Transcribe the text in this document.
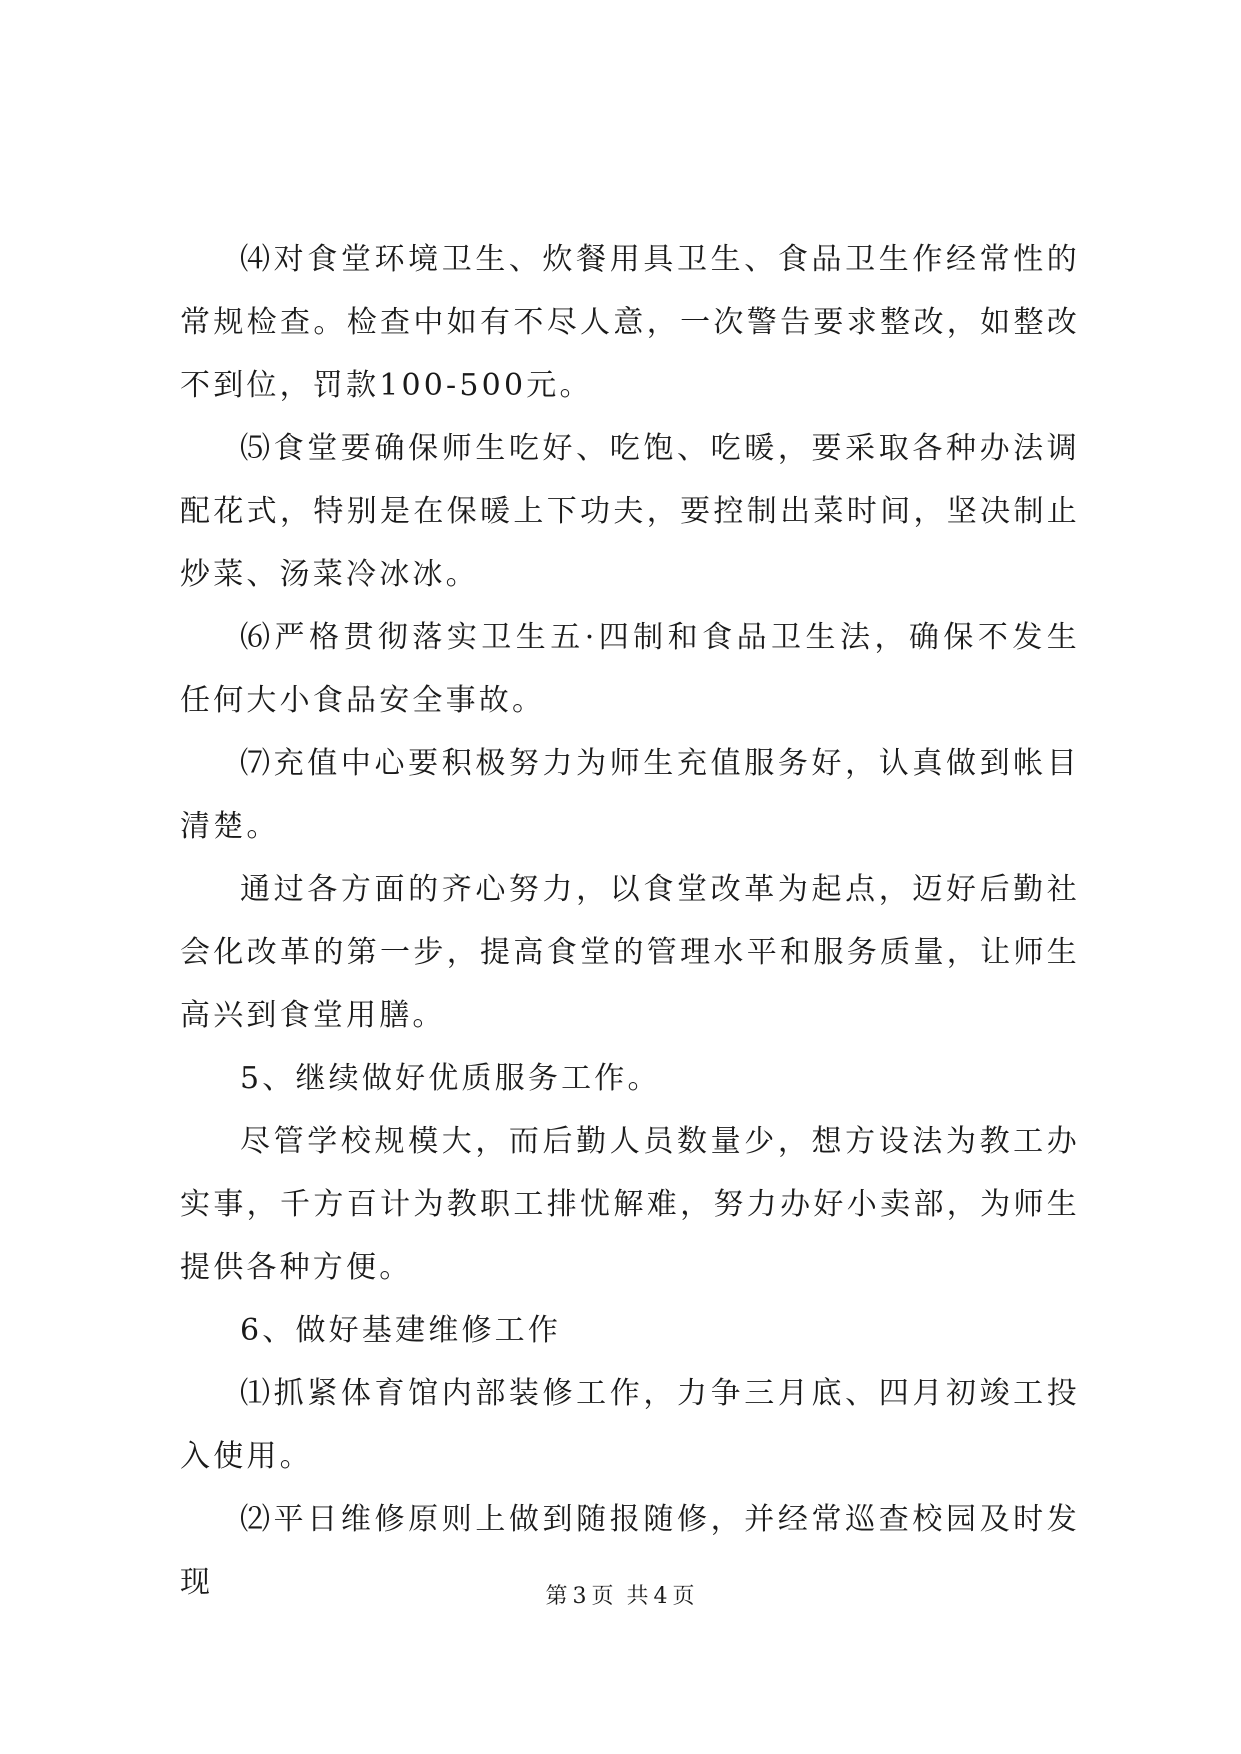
⑷对食堂环境卫生、炊餐用具卫生、食品卫生作经常性的常规检查。检查中如有不尽人意，一次警告要求整改，如整改不到位，罚款100-500元。

⑸食堂要确保师生吃好、吃饱、吃暖，要采取各种办法调配花式，特别是在保暖上下功夫，要控制出菜时间，坚决制止炒菜、汤菜冷冰冰。

⑹严格贯彻落实卫生五·四制和食品卫生法，确保不发生任何大小食品安全事故。

⑺充值中心要积极努力为师生充值服务好，认真做到帐目清楚。

通过各方面的齐心努力，以食堂改革为起点，迈好后勤社会化改革的第一步，提高食堂的管理水平和服务质量，让师生高兴到食堂用膳。

5、继续做好优质服务工作。

尽管学校规模大，而后勤人员数量少，想方设法为教工办实事，千方百计为教职工排忧解难，努力办好小卖部，为师生提供各种方便。

6、做好基建维修工作

⑴抓紧体育馆内部装修工作，力争三月底、四月初竣工投入使用。

⑵平日维修原则上做到随报随修，并经常巡查校园及时发现	第 3 页 共 4 页
